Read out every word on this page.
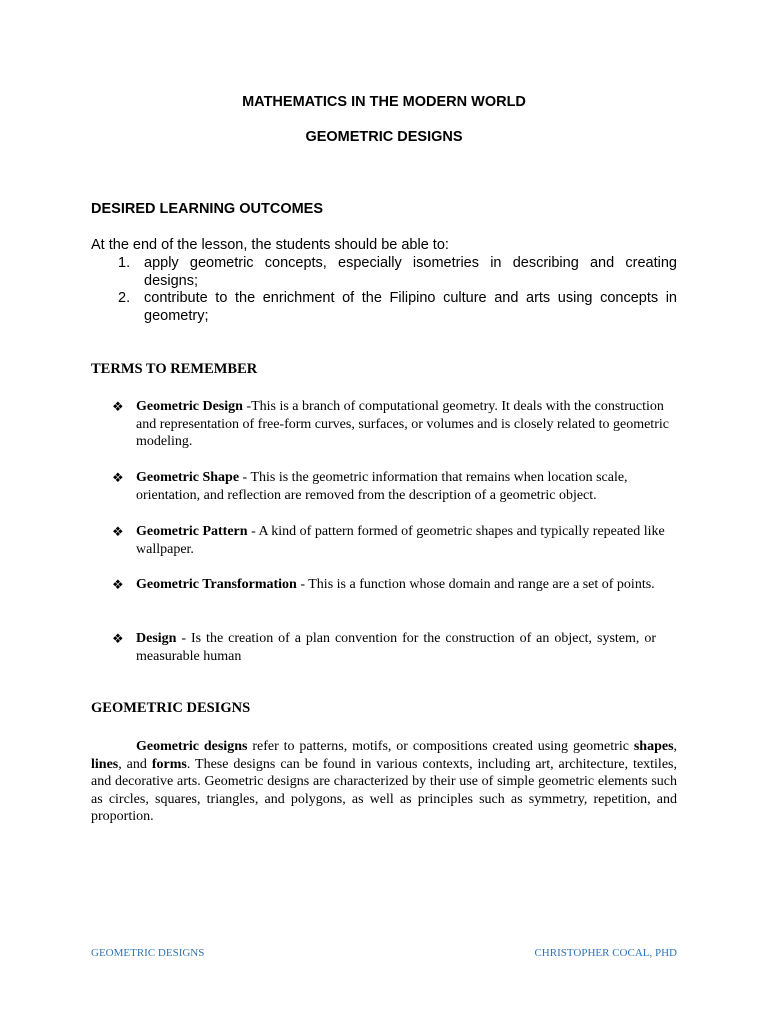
MATHEMATICS IN THE MODERN WORLD
GEOMETRIC DESIGNS
DESIRED LEARNING OUTCOMES
At the end of the lesson, the students should be able to:
1. apply geometric concepts, especially isometries in describing and creating designs;
2. contribute to the enrichment of the Filipino culture and arts using concepts in geometry;
TERMS TO REMEMBER
❖ Geometric Design -This is a branch of computational geometry. It deals with the construction and representation of free-form curves, surfaces, or volumes and is closely related to geometric modeling.
❖ Geometric Shape - This is the geometric information that remains when location scale, orientation, and reflection are removed from the description of a geometric object.
❖ Geometric Pattern - A kind of pattern formed of geometric shapes and typically repeated like wallpaper.
❖ Geometric Transformation - This is a function whose domain and range are a set of points.
❖ Design - Is the creation of a plan convention for the construction of an object, system, or measurable human
GEOMETRIC DESIGNS
Geometric designs refer to patterns, motifs, or compositions created using geometric shapes, lines, and forms. These designs can be found in various contexts, including art, architecture, textiles, and decorative arts. Geometric designs are characterized by their use of simple geometric elements such as circles, squares, triangles, and polygons, as well as principles such as symmetry, repetition, and proportion.
GEOMETRIC DESIGNS	CHRISTOPHER COCAL, PHD
